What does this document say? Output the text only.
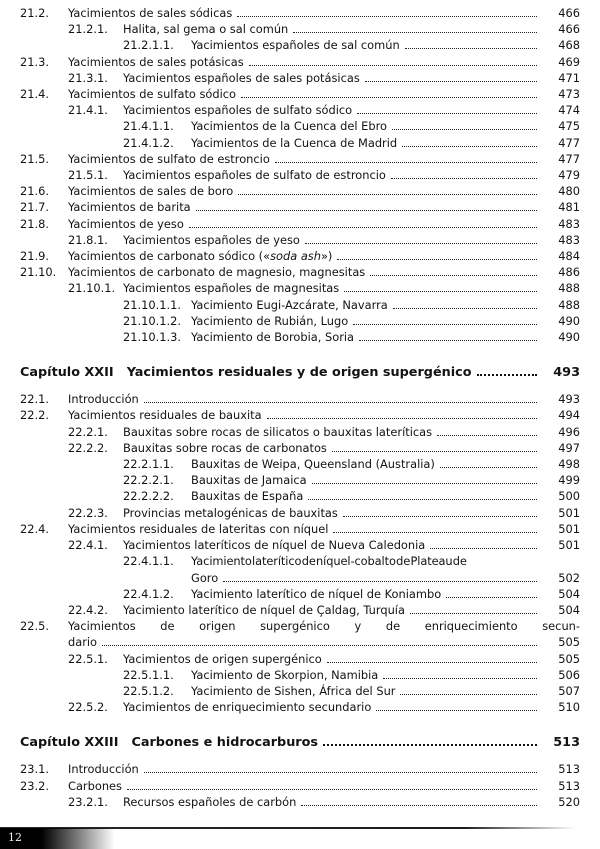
21.2.	Yacimientos de sales sódicas	466
21.2.1.	Halita, sal gema o sal común	466
21.2.1.1.	Yacimientos españoles de sal común	468
21.3.	Yacimientos de sales potásicas	469
21.3.1.	Yacimientos españoles de sales potásicas	471
21.4.	Yacimientos de sulfato sódico	473
21.4.1.	Yacimientos españoles de sulfato sódico	474
21.4.1.1.	Yacimientos de la Cuenca del Ebro	475
21.4.1.2.	Yacimientos de la Cuenca de Madrid	477
21.5.	Yacimientos de sulfato de estroncio	477
21.5.1.	Yacimientos españoles de sulfato de estroncio	479
21.6.	Yacimientos de sales de boro	480
21.7.	Yacimientos de barita	481
21.8.	Yacimientos de yeso	483
21.8.1.	Yacimientos españoles de yeso	483
21.9.	Yacimientos de carbonato sódico («soda ash»)	484
21.10.	Yacimientos de carbonato de magnesio, magnesitas	486
21.10.1. Yacimientos españoles de magnesitas	488
21.10.1.1. Yacimiento Eugi-Azcárate, Navarra	488
21.10.1.2. Yacimiento de Rubián, Lugo	490
21.10.1.3. Yacimiento de Borobia, Soria	490
Capítulo XXII Yacimientos residuales y de origen supergénico	493
22.1.	Introducción	493
22.2.	Yacimientos residuales de bauxita	494
22.2.1.	Bauxitas sobre rocas de silicatos o bauxitas lateríticas	496
22.2.2.	Bauxitas sobre rocas de carbonatos	497
22.2.1.1.	Bauxitas de Weipa, Queensland (Australia)	498
22.2.2.1.	Bauxitas de Jamaica	499
22.2.2.2.	Bauxitas de España	500
22.2.3.	Provincias metalogénicas de bauxitas	501
22.4.	Yacimientos residuales de lateritas con níquel	501
22.4.1.	Yacimientos lateríticos de níquel de Nueva Caledonia	501
22.4.1.1.	Yacimiento laterítico de níquel-cobalto de Plateau de
Goro	502
22.4.1.2.	Yacimiento laterítico de níquel de Koniambo	504
22.4.2.	Yacimiento laterítico de níquel de Çaldag, Turquía	504
22.5.	Yacimientos de origen supergénico y de enriquecimiento secun-
dario	505
22.5.1.	Yacimientos de origen supergénico	505
22.5.1.1.	Yacimiento de Skorpion, Namibia	506
22.5.1.2.	Yacimiento de Sishen, África del Sur	507
22.5.2.	Yacimientos de enriquecimiento secundario	510
Capítulo XXIII Carbones e hidrocarburos	513
23.1.	Introducción	513
23.2.	Carbones	513
23.2.1.	Recursos españoles de carbón	520
12
